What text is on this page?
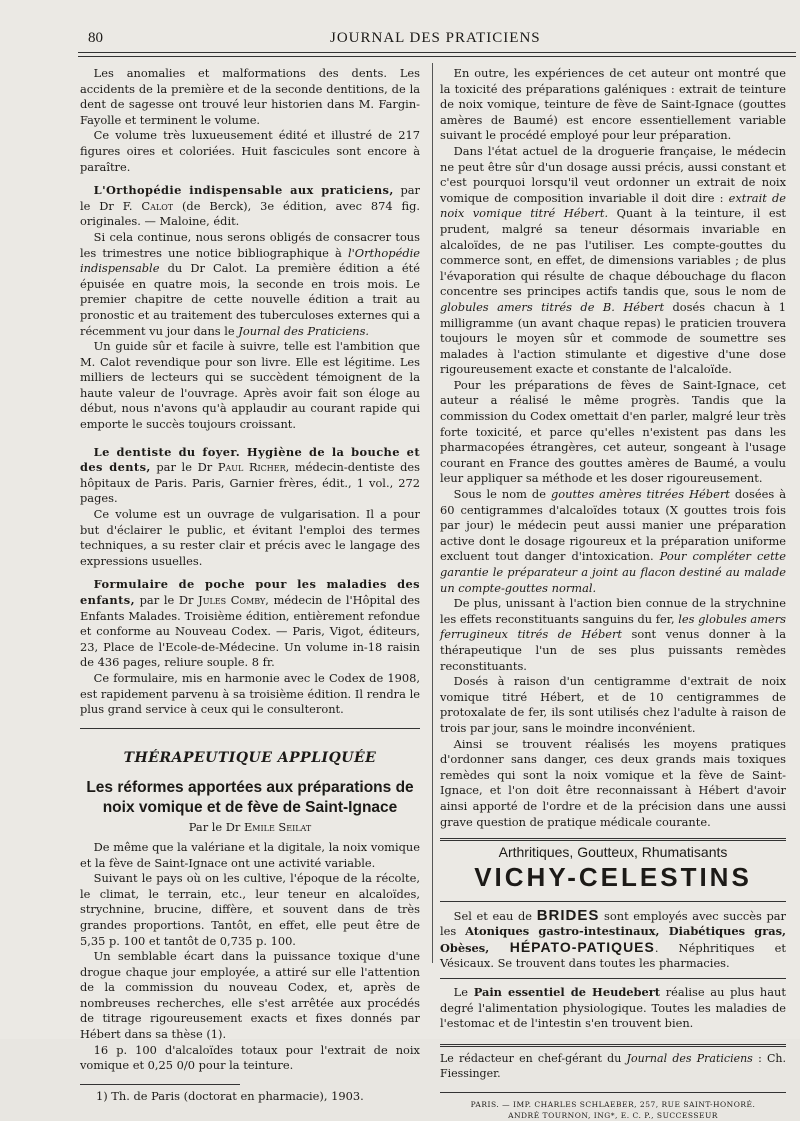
80	JOURNAL DES PRATICIENS

Les anomalies et malformations des dents. Les accidents de la première et de la seconde dentitions, de la dent de sagesse ont trouvé leur historien dans M. Fargin-Fayolle et terminent le volume.

Ce volume très luxueusement édité et illustré de 217 figures oires et coloriées. Huit fascicules sont encore à paraître.

L'Orthopédie indispensable aux praticiens, par le Dr F. Calot (de Berck), 3e édition, avec 874 fig. originales. — Maloine, édit.

Si cela continue, nous serons obligés de consacrer tous les trimestres une notice bibliographique à l'Orthopédie indispensable du Dr Calot. La première édition a été épuisée en quatre mois, la seconde en trois mois. Le premier chapitre de cette nouvelle édition a trait au pronostic et au traitement des tuberculoses externes qui a récemment vu jour dans le Journal des Praticiens.

Un guide sûr et facile à suivre, telle est l'ambition que M. Calot revendique pour son livre. Elle est légitime. Les milliers de lecteurs qui se succèdent témoignent de la haute valeur de l'ouvrage. Après avoir fait son éloge au début, nous n'avons qu'à applaudir au courant rapide qui emporte le succès toujours croissant.

Le dentiste du foyer. Hygiène de la bouche et des dents, par le Dr Paul Richer, médecin-dentiste des hôpitaux de Paris. Paris, Garnier frères, édit., 1 vol., 272 pages.

Ce volume est un ouvrage de vulgarisation. Il a pour but d'éclairer le public, et évitant l'emploi des termes techniques, a su rester clair et précis avec le langage des expressions usuelles.

Formulaire de poche pour les maladies des enfants, par le Dr Jules Comby, médecin de l'Hôpital des Enfants Malades. Troisième édition, entièrement refondue et conforme au Nouveau Codex. — Paris, Vigot, éditeurs, 23, Place de l'Ecole-de-Médecine. Un volume in-18 raisin de 436 pages, reliure souple. 8 fr.

Ce formulaire, mis en harmonie avec le Codex de 1908, est rapidement parvenu à sa troisième édition. Il rendra le plus grand service à ceux qui le consulteront.

THÉRAPEUTIQUE APPLIQUÉE
Les réformes apportées aux préparations de noix vomique et de fève de Saint-Ignace

Par le Dr Emile Seilat

De même que la valériane et la digitale, la noix vomique et la fève de Saint-Ignace ont une activité variable.

Suivant le pays où on les cultive, l'époque de la récolte, le climat, le terrain, etc., leur teneur en alcaloïdes, strychnine, brucine, diffère, et souvent dans de très grandes proportions. Tantôt, en effet, elle peut être de 5,35 p. 100 et tantôt de 0,735 p. 100.

Un semblable écart dans la puissance toxique d'une drogue chaque jour employée, a attiré sur elle l'attention de la commission du nouveau Codex, et, après de nombreuses recherches, elle s'est arrêtée aux procédés de titrage rigoureusement exacts et fixes donnés par Hébert dans sa thèse (1).

16 p. 100 d'alcaloïdes totaux pour l'extrait de noix vomique et 0,25 0/0 pour la teinture.

1) Th. de Paris (doctorat en pharmacie), 1903.

En outre, les expériences de cet auteur ont montré que la toxicité des préparations galéniques : extrait de teinture de noix vomique, teinture de fève de Saint-Ignace (gouttes amères de Baumé) est encore essentiellement variable suivant le procédé employé pour leur préparation.

Dans l'état actuel de la droguerie française, le médecin ne peut être sûr d'un dosage aussi précis, aussi constant et c'est pourquoi lorsqu'il veut ordonner un extrait de noix vomique de composition invariable il doit dire : extrait de noix vomique titré Hébert. Quant à la teinture, il est prudent, malgré sa teneur désormais invariable en alcaloïdes, de ne pas l'utiliser. Les compte-gouttes du commerce sont, en effet, de dimensions variables ; de plus l'évaporation qui résulte de chaque débouchage du flacon concentre ses principes actifs tandis que, sous le nom de globules amers titrés de B. Hébert dosés chacun à 1 milligramme (un avant chaque repas) le praticien trouvera toujours le moyen sûr et commode de soumettre ses malades à l'action stimulante et digestive d'une dose rigoureusement exacte et constante de l'alcaloïde.

Pour les préparations de fèves de Saint-Ignace, cet auteur a réalisé le même progrès. Tandis que la commission du Codex omettait d'en parler, malgré leur très forte toxicité, et parce qu'elles n'existent pas dans les pharmacopées étrangères, cet auteur, songeant à l'usage courant en France des gouttes amères de Baumé, a voulu leur appliquer sa méthode et les doser rigoureusement.

Sous le nom de gouttes amères titrées Hébert dosées à 60 centigrammes d'alcaloïdes totaux (X gouttes trois fois par jour) le médecin peut aussi manier une préparation active dont le dosage rigoureux et la préparation uniforme excluent tout danger d'intoxication. Pour compléter cette garantie le préparateur a joint au flacon destiné au malade un compte-gouttes normal.

De plus, unissant à l'action bien connue de la strychnine les effets reconstituants sanguins du fer, les globules amers ferrugineux titrés de Hébert sont venus donner à la thérapeutique l'un de ses plus puissants remèdes reconstituants.

Dosés à raison d'un centigramme d'extrait de noix vomique titré Hébert, et de 10 centigrammes de protoxalate de fer, ils sont utilisés chez l'adulte à raison de trois par jour, sans le moindre inconvénient.

Ainsi se trouvent réalisés les moyens pratiques d'ordonner sans danger, ces deux grands mais toxiques remèdes qui sont la noix vomique et la fève de Saint-Ignace, et l'on doit être reconnaissant à Hébert d'avoir ainsi apporté de l'ordre et de la précision dans une aussi grave question de pratique médicale courante.

Arthritiques, Goutteux, Rhumatisants
VICHY-CELESTINS

Sel et eau de BRIDES sont employés avec succès par les Atoniques gastro-intestinaux, Diabétiques gras, Obèses, HÉPATO-PATIQUES. Néphritiques et Vésicaux. Se trouvent dans toutes les pharmacies.

Le Pain essentiel de Heudebert réalise au plus haut degré l'alimentation physiologique. Toutes les maladies de l'estomac et de l'intestin s'en trouvent bien.

Le rédacteur en chef-gérant du Journal des Praticiens : Ch. Fiessinger.

PARIS. — IMP. CHARLES SCHLAEBER, 257, RUE SAINT-HONORÉ.
ANDRÉ TOURNON, ING*, E. C. P., SUCCESSEUR
